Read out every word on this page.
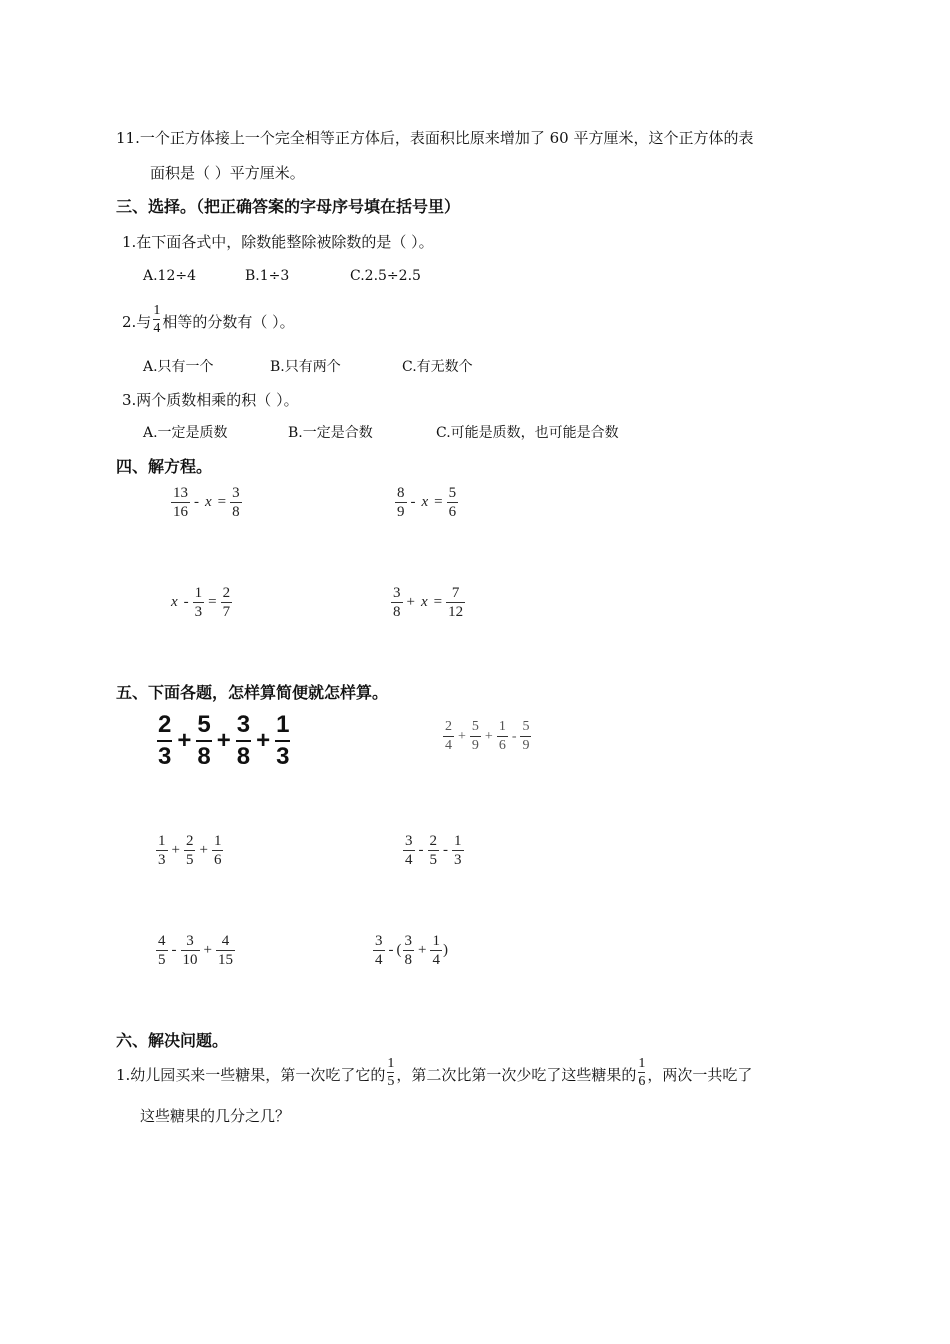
11.一个正方体接上一个完全相等正方体后，表面积比原来增加了 60 平方厘米，这个正方体的表
面积是（ ）平方厘米。
三、选择。（把正确答案的字母序号填在括号里）
1.在下面各式中，除数能整除被除数的是（ ）。
A.12÷4	B.1÷3	C.2.5÷2.5
2.与 $\frac{1}{4}$ 相等的分数有（ ）。
A.只有一个	B.只有两个	C.有无数个
3.两个质数相乘的积（ ）。
A.一定是质数	B.一定是合数	C.可能是质数，也可能是合数
四、解方程。
$\frac{13}{16} - x = \frac{3}{8}$	$\frac{8}{9} - x = \frac{5}{6}$
$x - \frac{1}{3} = \frac{2}{7}$	$\frac{3}{8} + x = \frac{7}{12}$
五、下面各题，怎样算简便就怎样算。
$\frac{2}{3} + \frac{5}{8} + \frac{3}{8} + \frac{1}{3}$	$\frac{2}{4} + \frac{5}{9} + \frac{1}{6} - \frac{5}{9}$
$\frac{1}{3} + \frac{2}{5} + \frac{1}{6}$	$\frac{3}{4} - \frac{2}{5} - \frac{1}{3}$
$\frac{4}{5} - \frac{3}{10} + \frac{4}{15}$	$\frac{3}{4}$ - ( $\frac{3}{8} + \frac{1}{4}$ )
六、解决问题。
1.幼儿园买来一些糖果，第一次吃了它的 $\frac{1}{5}$ ，第二次比第一次少吃了这些糖果的 $\frac{1}{6}$ ，两次一共吃了
这些糖果的几分之几？
